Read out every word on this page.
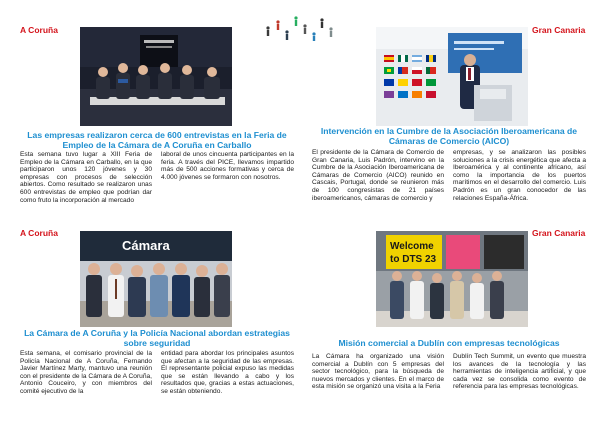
A Coruña
Las empresas realizaron cerca de 600 entrevistas en la Feria de
Empleo de la Cámara de A Coruña en Carballo
Esta semana tuvo lugar a XIII Feria de Empleo de la Cámara en Carballo, en la que participaron unos 120 jóvenes y 30 empresas con procesos de selección abiertos. Como resultado se realizaron unas 600 entrevistas de empleo que podrían dar como fruto la incorporación al mercado
laboral de unos cincuenta participantes en la feria. A través del PICE, llevamos impartido más de 500 acciones formativas y cerca de 4.000 jóvenes se formaron con nosotros.
Gran Canaria
Intervención en la Cumbre de la Asociación Iberoamericana de
Cámaras de Comercio (AICO)
El presidente de la Cámara de Comercio de Gran Canaria, Luis Padrón, intervino en la Cumbre de la Asociación Iberoamericana de Cámaras de Comercio (AICO) reunido en Cascais, Portugal, donde se reunieron más de 100 congresistas de 21 países iberoamericanos, cámaras de comercio y
empresas, y se analizaron las posibles soluciones a la crisis energética que afecta a Iberoamérica y al continente africano, así como la importancia de los puertos marítimos en el desarrollo del comercio. Luis Padrón es un gran conocedor de las relaciones España-África.
A Coruña
Cámara
La Cámara de A Coruña y la Policía Nacional abordan estrategias
sobre seguridad
Esta semana, el comisario provincial de la Policía Nacional de A Coruña, Fernando Javier Martínez Marty, mantuvo una reunión con el presidente de la Cámara de A Coruña, Antonio Couceiro, y con miembros del comité ejecutivo de la
entidad para abordar los principales asuntos que afectan a la seguridad de las empresas. El representante policial expuso las medidas que se están llevando a cabo y los resultados que, gracias a estas actuaciones, se están obteniendo.
Gran Canaria
Welcome
to DTS 23
Misión comercial a Dublín con empresas tecnológicas
La Cámara ha organizado una visión comercial a Dublín con 5 empresas del sector tecnológico, para la búsqueda de nuevos mercados y clientes. En el marco de esta misión se organizó una visita a la Feria
Dublín Tech Summit, un evento que muestra los avances de la tecnología y las herramientas de inteligencia artificial, y que cada vez se consolida como evento de referencia para las empresas tecnológicas.
